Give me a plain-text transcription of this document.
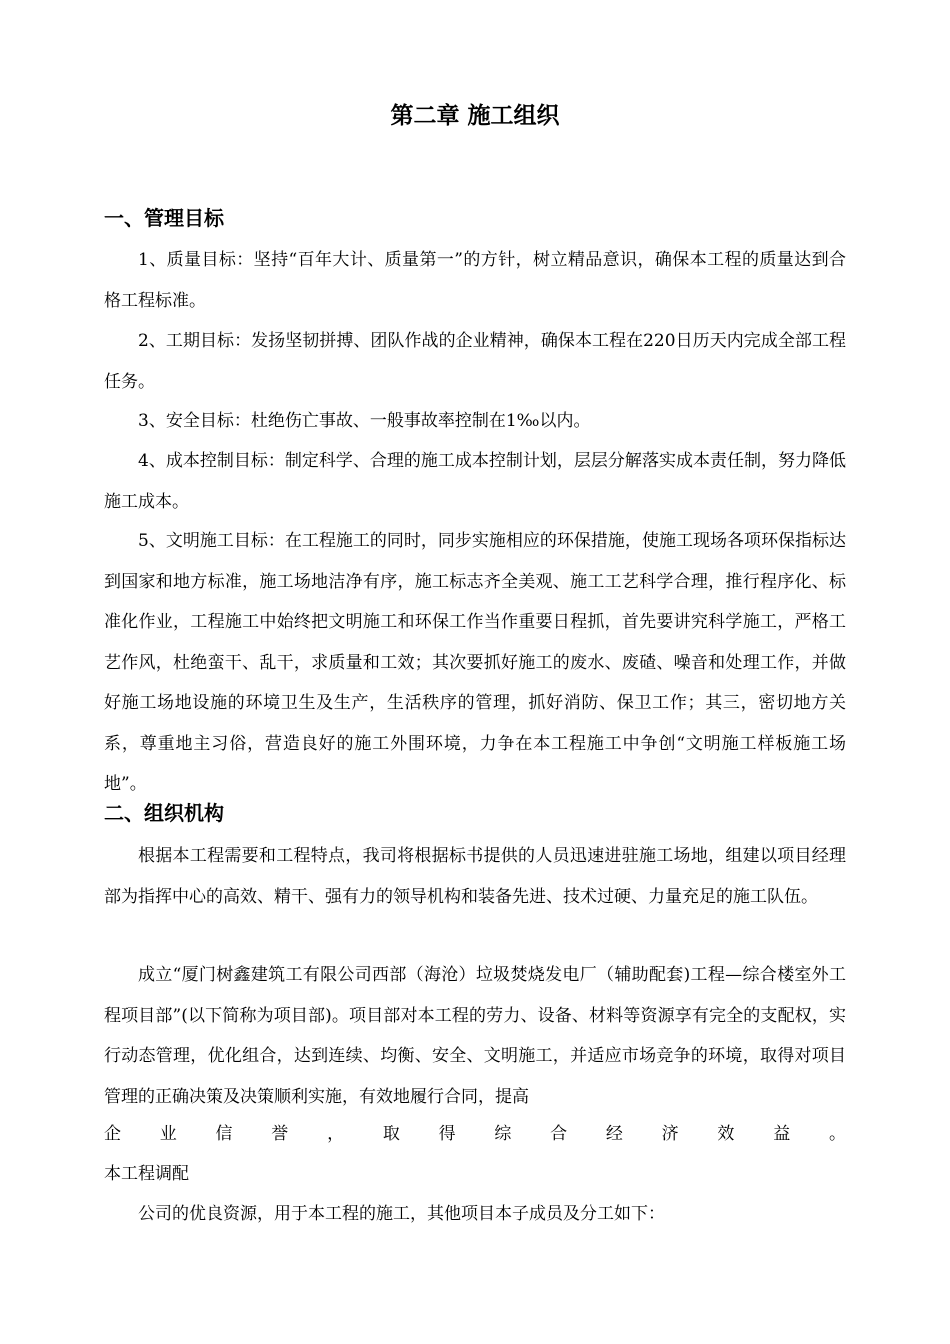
第二章 施工组织
一、管理目标

1、质量目标：坚持“百年大计、质量第一”的方针，树立精品意识，确保本工程的质量达到合格工程标准。

2、工期目标：发扬坚韧拼搏、团队作战的企业精神，确保本工程在220日历天内完成全部工程任务。

3、安全目标：杜绝伤亡事故、一般事故率控制在1‰以内。

4、成本控制目标：制定科学、合理的施工成本控制计划，层层分解落实成本责任制，努力降低施工成本。

5、文明施工目标：在工程施工的同时，同步实施相应的环保措施，使施工现场各项环保指标达到国家和地方标准，施工场地洁净有序，施工标志齐全美观、施工工艺科学合理，推行程序化、标准化作业，工程施工中始终把文明施工和环保工作当作重要日程抓，首先要讲究科学施工，严格工艺作风，杜绝蛮干、乱干，求质量和工效；其次要抓好施工的废水、废碴、噪音和处理工作，并做好施工场地设施的环境卫生及生产，生活秩序的管理，抓好消防、保卫工作；其三，密切地方关系，尊重地主习俗，营造良好的施工外围环境，力争在本工程施工中争创“文明施工样板施工场地”。

二、组织机构

根据本工程需要和工程特点，我司将根据标书提供的人员迅速进驻施工场地，组建以项目经理部为指挥中心的高效、精干、强有力的领导机构和装备先进、技术过硬、力量充足的施工队伍。

成立“厦门树鑫建筑工有限公司西部（海沧）垃圾焚烧发电厂（辅助配套)工程—综合楼室外工程项目部”(以下简称为项目部)。项目部对本工程的劳力、设备、材料等资源享有完全的支配权，实行动态管理，优化组合，达到连续、均衡、安全、文明施工，并适应市场竞争的环境，取得对项目管理的正确决策及决策顺利实施，有效地履行合同，提高

企 业 信 誉 ， 取 得 综 合 经 济 效 益 。

本工程调配

公司的优良资源，用于本工程的施工，其他项目本子成员及分工如下：
